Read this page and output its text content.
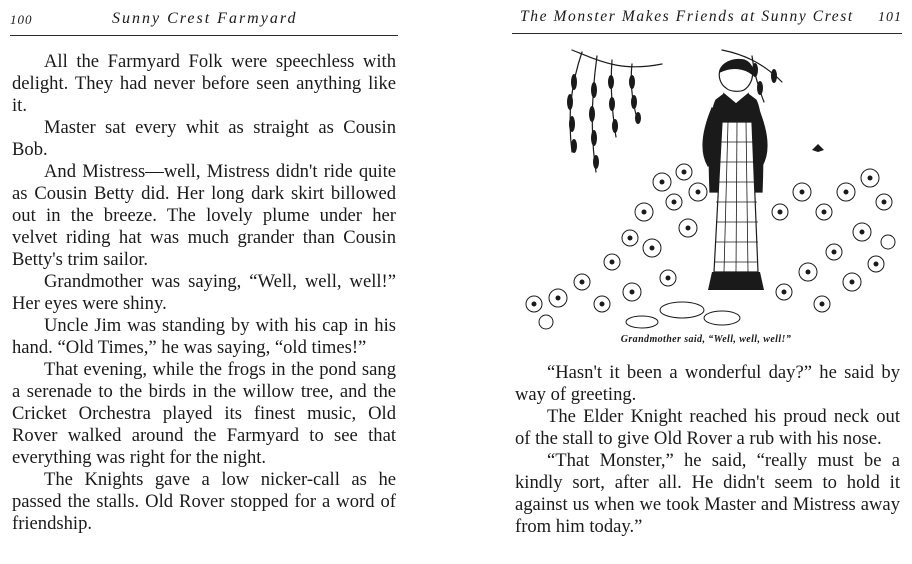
100	Sunny Crest Farmyard

All the Farmyard Folk were speechless with delight. They had never before seen anything like it.

Master sat every whit as straight as Cousin Bob.

And Mistress—well, Mistress didn't ride quite as Cousin Betty did. Her long dark skirt billowed out in the breeze. The lovely plume under her velvet riding hat was much grander than Cousin Betty's trim sailor.

Grandmother was saying, “Well, well, well!” Her eyes were shiny.

Uncle Jim was standing by with his cap in his hand. “Old Times,” he was saying, “old times!”

That evening, while the frogs in the pond sang a serenade to the birds in the willow tree, and the Cricket Orchestra played its finest music, Old Rover walked around the Farmyard to see that everything was right for the night.

The Knights gave a low nicker-call as he passed the stalls. Old Rover stopped for a word of friendship.

The Monster Makes Friends at Sunny Crest 101
Grandmother said, “Well, well, well!”

“Hasn't it been a wonderful day?” he said by way of greeting.

The Elder Knight reached his proud neck out of the stall to give Old Rover a rub with his nose.

“That Monster,” he said, “really must be a kindly sort, after all. He didn't seem to hold it against us when we took Master and Mistress away from him today.”
